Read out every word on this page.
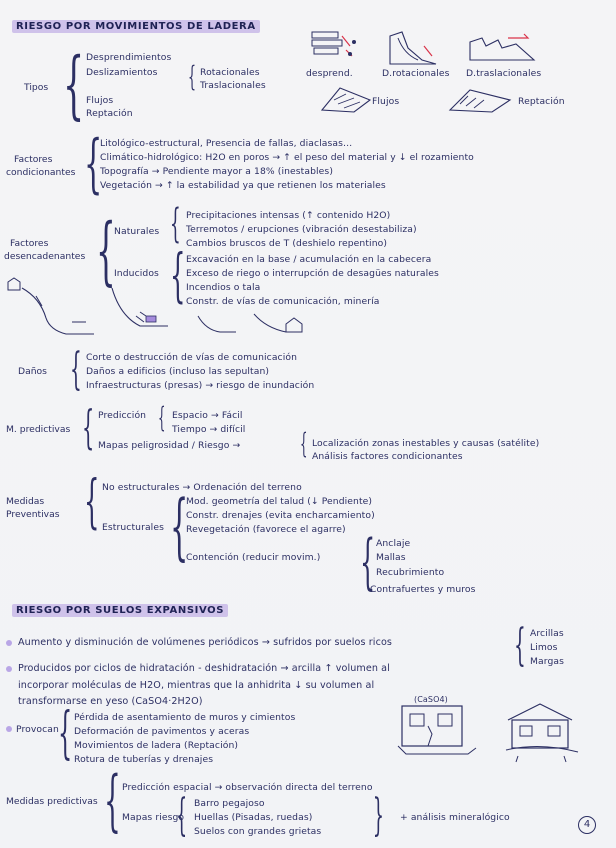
RIESGO POR MOVIMIENTOS DE LADERA
Tipos { Desprendimientos
Deslizamientos { Rotacionales
Traslacionales
Flujos
Reptación
desprend.	D.rotacionales D.traslacionales
Flujos	Reptación
Factores
condicionantes {
Litológico-estructural, Presencia de fallas, diaclasas…
Climático-hidrológico: H2O en poros → ↑ el peso del material y ↓ el rozamiento
Topografía → Pendiente mayor a 18% (inestables)
Vegetación → ↑ la estabilidad ya que retienen los materiales
Factores
desencadenantes {
Naturales { Precipitaciones intensas (↑ contenido H2O)
Terremotos / erupciones (vibración desestabiliza)
Cambios bruscos de T (deshielo repentino)
Inducidos { Excavación en la base / acumulación en la cabecera
Exceso de riego o interrupción de desagües naturales
Incendios o tala
Constr. de vías de comunicación, minería
Daños { Corte o destrucción de vías de comunicación
Daños a edificios (incluso las sepultan)
Infraestructuras (presas) → riesgo de inundación
M. predictivas { Predicción { Espacio → Fácil
Tiempo → difícil
Mapas peligrosidad / Riesgo → { Localización zonas inestables y causas (satélite)
Análisis factores condicionantes
Medidas
Preventivas { No estructurales → Ordenación del terreno
Estructurales {
Mod. geometría del talud (↓ Pendiente)
Constr. drenajes (evita encharcamiento)
Revegetación (favorece el agarre)
Contención (reducir movim.) { Anclaje
Mallas
Recubrimiento
Contrafuertes y muros
RIESGO POR SUELOS EXPANSIVOS
Aumento y disminución de volúmenes periódicos → sufridos por suelos ricos	{ Arcillas
Limos
Margas
Producidos por ciclos de hidratación - deshidratación → arcilla ↑ volumen al
incorporar moléculas de H2O, mientras que la anhidrita ↓ su volumen al
transformarse en yeso (CaSO4·2H2O)	(CaSO4)
Provocan { Pérdida de asentamiento de muros y cimientos
Deformación de pavimentos y aceras
Movimientos de ladera (Reptación)
Rotura de tuberías y drenajes
Medidas predictivas { Predicción espacial → observación directa del terreno
Mapas riesgo
{ Barro pegajoso
Huellas (Pisadas, ruedas)
Suelos con grandes grietas { + análisis mineralógico
4
